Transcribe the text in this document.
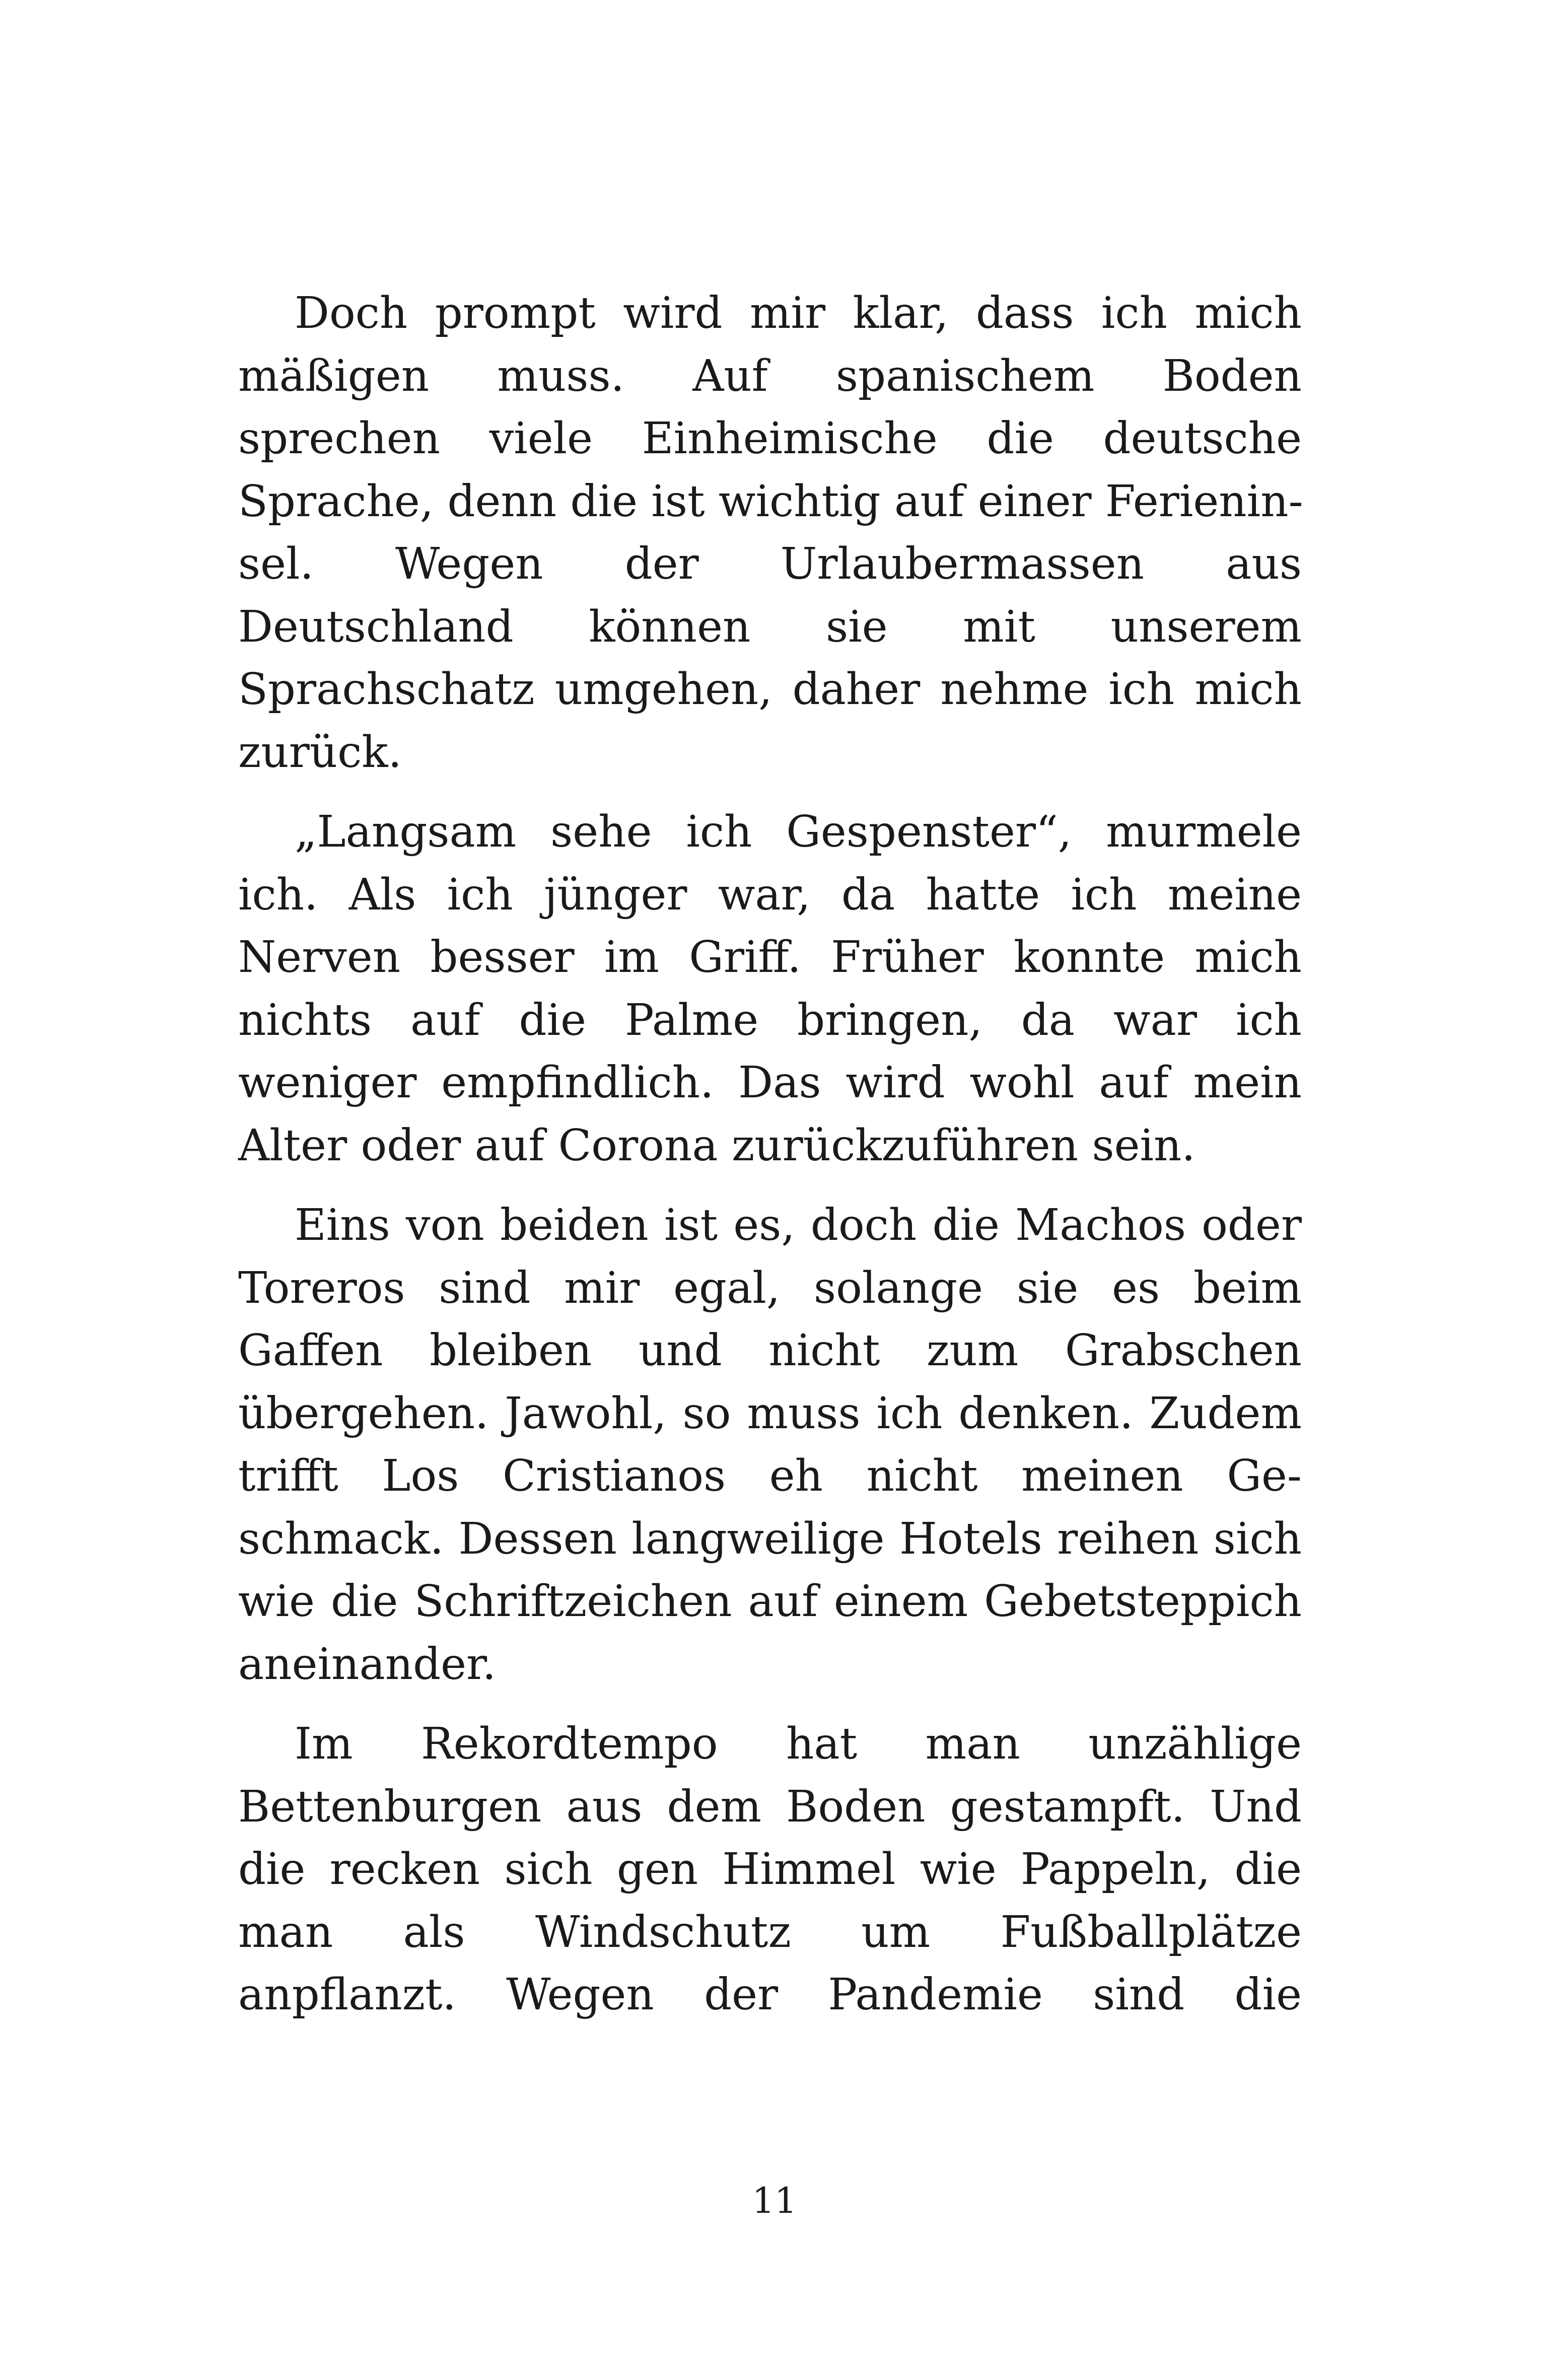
Doch prompt wird mir klar, dass ich mich
mäßigen muss. Auf spanischem Boden
sprechen viele Einheimische die deutsche
Sprache, denn die ist wichtig auf einer Ferienin-
sel. Wegen der Urlaubermassen aus
Deutschland können sie mit unserem
Sprachschatz umgehen, daher nehme ich mich
zurück.
„Langsam sehe ich Gespenster“, murmele
ich. Als ich jünger war, da hatte ich meine
Nerven besser im Griff. Früher konnte mich
nichts auf die Palme bringen, da war ich
weniger empfindlich. Das wird wohl auf mein
Alter oder auf Corona zurückzuführen sein.
Eins von beiden ist es, doch die Machos oder
Toreros sind mir egal, solange sie es beim
Gaffen bleiben und nicht zum Grabschen
übergehen. Jawohl, so muss ich denken. Zudem
trifft Los Cristianos eh nicht meinen Ge-
schmack. Dessen langweilige Hotels reihen sich
wie die Schriftzeichen auf einem Gebetsteppich
aneinander.
Im Rekordtempo hat man unzählige
Bettenburgen aus dem Boden gestampft. Und
die recken sich gen Himmel wie Pappeln, die
man als Windschutz um Fußballplätze
anpflanzt. Wegen der Pandemie sind die
11
